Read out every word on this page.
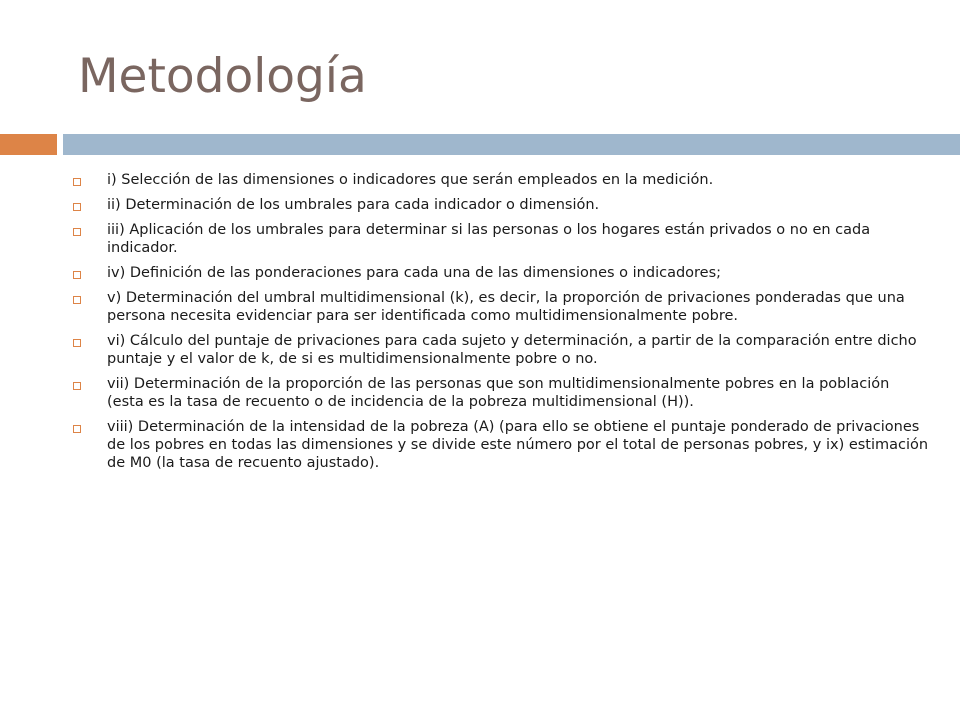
Metodología
i) Selección de las dimensiones o indicadores que serán empleados en la medición.
ii) Determinación de los umbrales para cada indicador o dimensión.
iii) Aplicación de los umbrales para determinar si las personas o los hogares están privados o no en cada indicador.
iv) Definición de las ponderaciones para cada una de las dimensiones o indicadores;
v) Determinación del umbral multidimensional (k), es decir, la proporción de privaciones ponderadas que una persona necesita evidenciar para ser identificada como multidimensionalmente pobre.
vi) Cálculo del puntaje de privaciones para cada sujeto y determinación, a partir de la comparación entre dicho puntaje y el valor de k, de si es multidimensionalmente pobre o no.
vii) Determinación de la proporción de las personas que son multidimensionalmente pobres en la población (esta es la tasa de recuento o de incidencia de la pobreza multidimensional (H)).
viii) Determinación de la intensidad de la pobreza (A) (para ello se obtiene el puntaje ponderado de privaciones de los pobres en todas las dimensiones y se divide este número por el total de personas pobres, y ix) estimación de M0 (la tasa de recuento ajustado).
